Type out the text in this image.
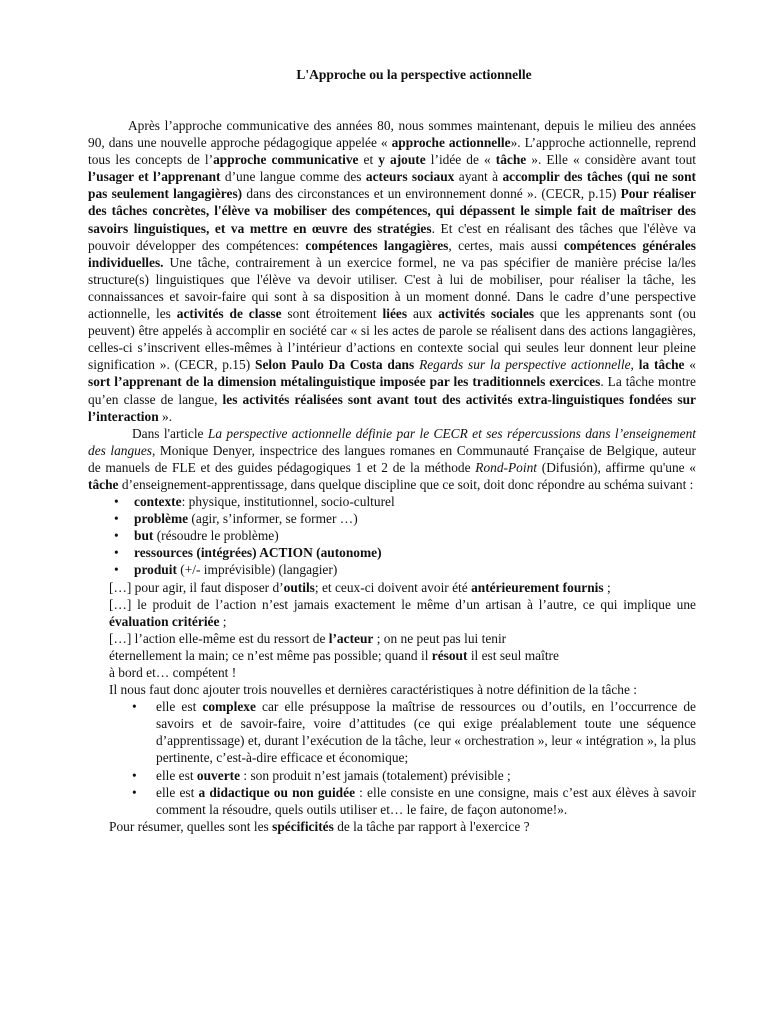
L'Approche ou la perspective actionnelle

Après l’approche communicative des années 80, nous sommes maintenant, depuis le milieu des années 90, dans une nouvelle approche pédagogique appelée « approche actionnelle». L’approche actionnelle, reprend tous les concepts de l’approche communicative et y ajoute l’idée de « tâche ». Elle « considère avant tout l’usager et l’apprenant d’une langue comme des acteurs sociaux ayant à accomplir des tâches (qui ne sont pas seulement langagières) dans des circonstances et un environnement donné ». (CECR, p.15) Pour réaliser des tâches concrètes, l'élève va mobiliser des compétences, qui dépassent le simple fait de maîtriser des savoirs linguistiques, et va mettre en œuvre des stratégies. Et c'est en réalisant des tâches que l'élève va pouvoir développer des compétences: compétences langagières, certes, mais aussi compétences générales individuelles. Une tâche, contrairement à un exercice formel, ne va pas spécifier de manière précise la/les structure(s) linguistiques que l'élève va devoir utiliser. C'est à lui de mobiliser, pour réaliser la tâche, les connaissances et savoir-faire qui sont à sa disposition à un moment donné. Dans le cadre d’une perspective actionnelle, les activités de classe sont étroitement liées aux activités sociales que les apprenants sont (ou peuvent) être appelés à accomplir en société car « si les actes de parole se réalisent dans des actions langagières, celles-ci s’inscrivent elles-mêmes à l’intérieur d’actions en contexte social qui seules leur donnent leur pleine signification ». (CECR, p.15) Selon Paulo Da Costa dans Regards sur la perspective actionnelle, la tâche « sort l’apprenant de la dimension métalinguistique imposée par les traditionnels exercices. La tâche montre qu’en classe de langue, les activités réalisées sont avant tout des activités extra-linguistiques fondées sur l’interaction ».

Dans l'article La perspective actionnelle définie par le CECR et ses répercussions dans l’enseignement des langues, Monique Denyer, inspectrice des langues romanes en Communauté Française de Belgique, auteur de manuels de FLE et des guides pédagogiques 1 et 2 de la méthode Rond-Point (Difusión), affirme qu'une « tâche d’enseignement-apprentissage, dans quelque discipline que ce soit, doit donc répondre au schéma suivant :

• contexte: physique, institutionnel, socio-culturel
• problème (agir, s’informer, se former …)
• but (résoudre le problème)
• ressources (intégrées) ACTION (autonome)
• produit (+/- imprévisible) (langagier)

[…] pour agir, il faut disposer d’outils; et ceux-ci doivent avoir été antérieurement fournis ;

[…] le produit de l’action n’est jamais exactement le même d’un artisan à l’autre, ce qui implique une évaluation critériée ;

[…] l’action elle-même est du ressort de l’acteur ; on ne peut pas lui tenir

éternellement la main; ce n’est même pas possible; quand il résout il est seul maître

à bord et… compétent !

Il nous faut donc ajouter trois nouvelles et dernières caractéristiques à notre définition de la tâche :

• elle est complexe car elle présuppose la maîtrise de ressources ou d’outils, en l’occurrence de savoirs et de savoir-faire, voire d’attitudes (ce qui exige préalablement toute une séquence d’apprentissage) et, durant l’exécution de la tâche, leur « orchestration », leur « intégration », la plus pertinente, c’est-à-dire efficace et économique;
• elle est ouverte : son produit n’est jamais (totalement) prévisible ;
• elle est a didactique ou non guidée : elle consiste en une consigne, mais c’est aux élèves à savoir comment la résoudre, quels outils utiliser et… le faire, de façon autonome!».

Pour résumer, quelles sont les spécificités de la tâche par rapport à l'exercice ?
